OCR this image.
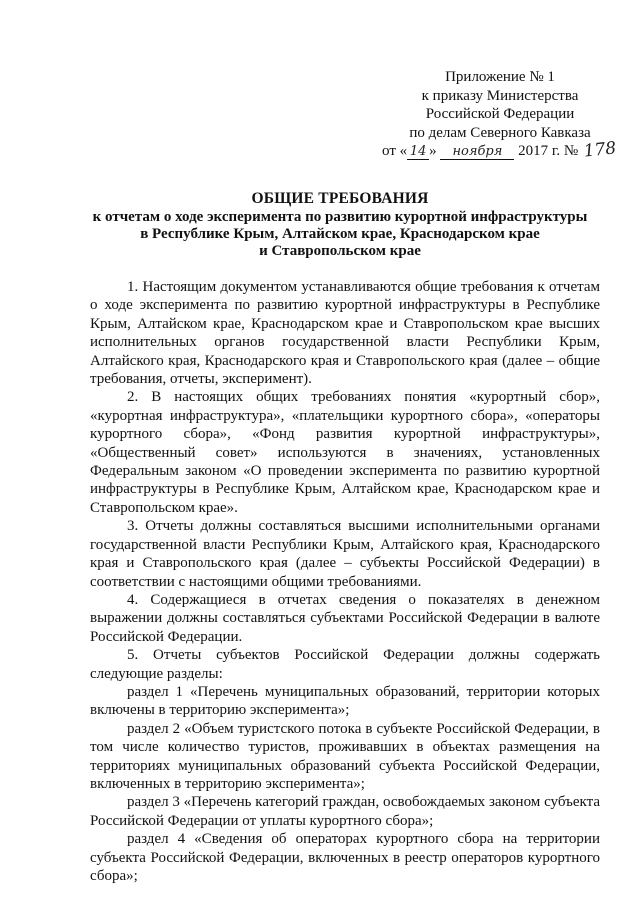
Приложение № 1
к приказу Министерства
Российской Федерации
по делам Северного Кавказа
от « 14 » ноября 2017 г. № 178
ОБЩИЕ ТРЕБОВАНИЯ
к отчетам о ходе эксперимента по развитию курортной инфраструктуры
в Республике Крым, Алтайском крае, Краснодарском крае
и Ставропольском крае

1. Настоящим документом устанавливаются общие требования к отчетам о ходе эксперимента по развитию курортной инфраструктуры в Республике Крым, Алтайском крае, Краснодарском крае и Ставропольском крае высших исполнительных органов государственной власти Республики Крым, Алтайского края, Краснодарского края и Ставропольского края (далее – общие требования, отчеты, эксперимент).

2. В настоящих общих требованиях понятия «курортный сбор», «курортная инфраструктура», «плательщики курортного сбора», «операторы курортного сбора», «Фонд развития курортной инфраструктуры», «Общественный совет» используются в значениях, установленных Федеральным законом «О проведении эксперимента по развитию курортной инфраструктуры в Республике Крым, Алтайском крае, Краснодарском крае и Ставропольском крае».

3. Отчеты должны составляться высшими исполнительными органами государственной власти Республики Крым, Алтайского края, Краснодарского края и Ставропольского края (далее – субъекты Российской Федерации) в соответствии с настоящими общими требованиями.

4. Содержащиеся в отчетах сведения о показателях в денежном выражении должны составляться субъектами Российской Федерации в валюте Российской Федерации.

5. Отчеты субъектов Российской Федерации должны содержать следующие разделы:

раздел 1 «Перечень муниципальных образований, территории которых включены в территорию эксперимента»;

раздел 2 «Объем туристского потока в субъекте Российской Федерации, в том числе количество туристов, проживавших в объектах размещения на территориях муниципальных образований субъекта Российской Федерации, включенных в территорию эксперимента»;

раздел 3 «Перечень категорий граждан, освобождаемых законом субъекта Российской Федерации от уплаты курортного сбора»;

раздел 4 «Сведения об операторах курортного сбора на территории субъекта Российской Федерации, включенных в реестр операторов курортного сбора»;
